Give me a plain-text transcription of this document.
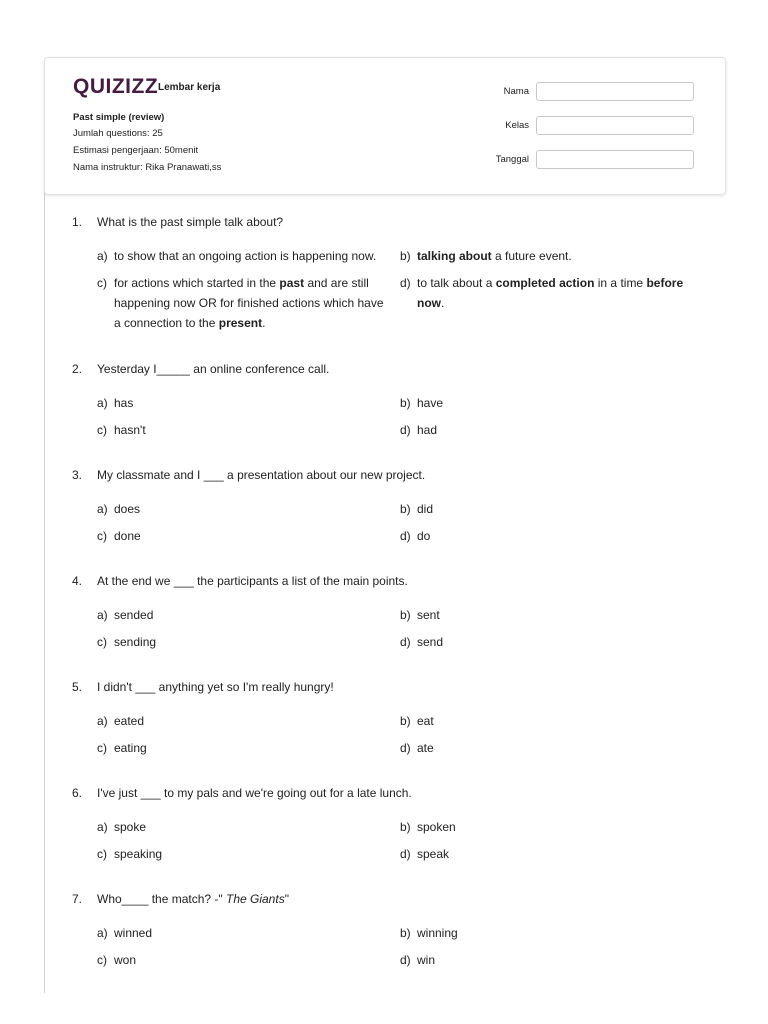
QUIZIZZ Lembar kerja
Past simple (review)
Jumlah questions: 25
Estimasi pengerjaan: 50menit
Nama instruktur: Rika Pranawati,ss
Nama
Kelas
Tanggal
1. What is the past simple talk about?
a) to show that an ongoing action is happening now.	b) talking about a future event.
c) for actions which started in the past and are still happening now OR for finished actions which have a connection to the present.
d) to talk about a completed action in a time before now.
2. Yesterday I_____ an online conference call.
a) has	b) have
c) hasn't	d) had
3. My classmate and I ___ a presentation about our new project.
a) does	b) did
c) done	d) do
4. At the end we ___ the participants a list of the main points.
a) sended	b) sent
c) sending	d) send
5. I didn't ___ anything yet so I'm really hungry!
a) eated	b) eat
c) eating	d) ate
6. I've just ___ to my pals and we're going out for a late lunch.
a) spoke	b) spoken
c) speaking	d) speak
7. Who____ the match? -" The Giants"
a) winned	b) winning
c) won	d) win
